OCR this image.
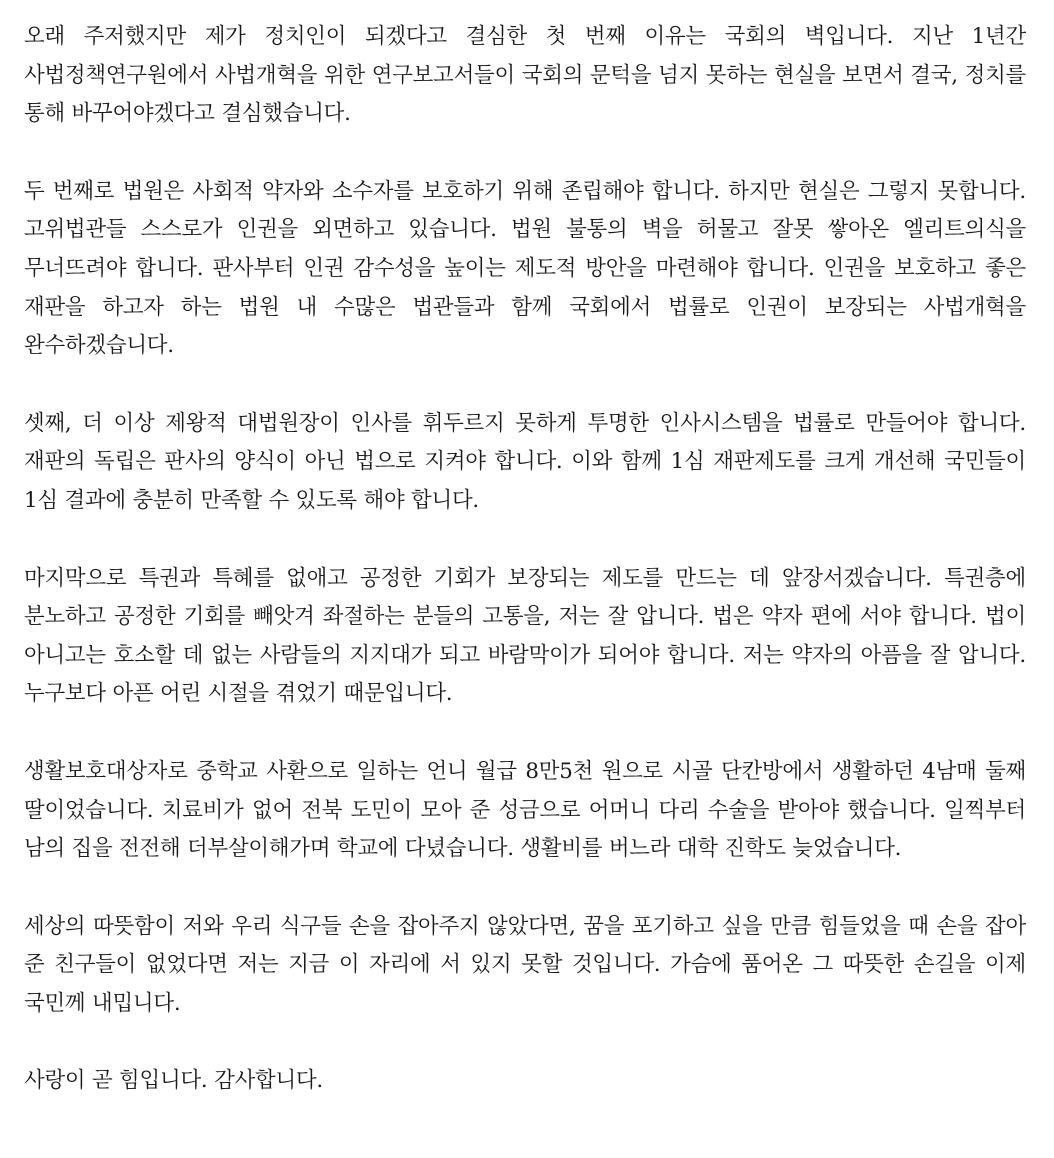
오래 주저했지만 제가 정치인이 되겠다고 결심한 첫 번째 이유는 국회의 벽입니다. 지난 1년간 사법정책연구원에서 사법개혁을 위한 연구보고서들이 국회의 문턱을 넘지 못하는 현실을 보면서 결국, 정치를 통해 바꾸어야겠다고 결심했습니다.

두 번째로 법원은 사회적 약자와 소수자를 보호하기 위해 존립해야 합니다. 하지만 현실은 그렇지 못합니다. 고위법관들 스스로가 인권을 외면하고 있습니다. 법원 불통의 벽을 허물고 잘못 쌓아온 엘리트의식을 무너뜨려야 합니다. 판사부터 인권 감수성을 높이는 제도적 방안을 마련해야 합니다. 인권을 보호하고 좋은 재판을 하고자 하는 법원 내 수많은 법관들과 함께 국회에서 법률로 인권이 보장되는 사법개혁을 완수하겠습니다.

셋째, 더 이상 제왕적 대법원장이 인사를 휘두르지 못하게 투명한 인사시스템을 법률로 만들어야 합니다. 재판의 독립은 판사의 양식이 아닌 법으로 지켜야 합니다. 이와 함께 1심 재판제도를 크게 개선해 국민들이 1심 결과에 충분히 만족할 수 있도록 해야 합니다.

마지막으로 특권과 특혜를 없애고 공정한 기회가 보장되는 제도를 만드는 데 앞장서겠습니다. 특권층에 분노하고 공정한 기회를 빼앗겨 좌절하는 분들의 고통을, 저는 잘 압니다. 법은 약자 편에 서야 합니다. 법이 아니고는 호소할 데 없는 사람들의 지지대가 되고 바람막이가 되어야 합니다. 저는 약자의 아픔을 잘 압니다. 누구보다 아픈 어린 시절을 겪었기 때문입니다.

생활보호대상자로 중학교 사환으로 일하는 언니 월급 8만5천 원으로 시골 단칸방에서 생활하던 4남매 둘째 딸이었습니다. 치료비가 없어 전북 도민이 모아 준 성금으로 어머니 다리 수술을 받아야 했습니다. 일찍부터 남의 집을 전전해 더부살이해가며 학교에 다녔습니다. 생활비를 버느라 대학 진학도 늦었습니다.

세상의 따뜻함이 저와 우리 식구들 손을 잡아주지 않았다면, 꿈을 포기하고 싶을 만큼 힘들었을 때 손을 잡아 준 친구들이 없었다면 저는 지금 이 자리에 서 있지 못할 것입니다. 가슴에 품어온 그 따뜻한 손길을 이제 국민께 내밉니다.

사랑이 곧 힘입니다. 감사합니다.
